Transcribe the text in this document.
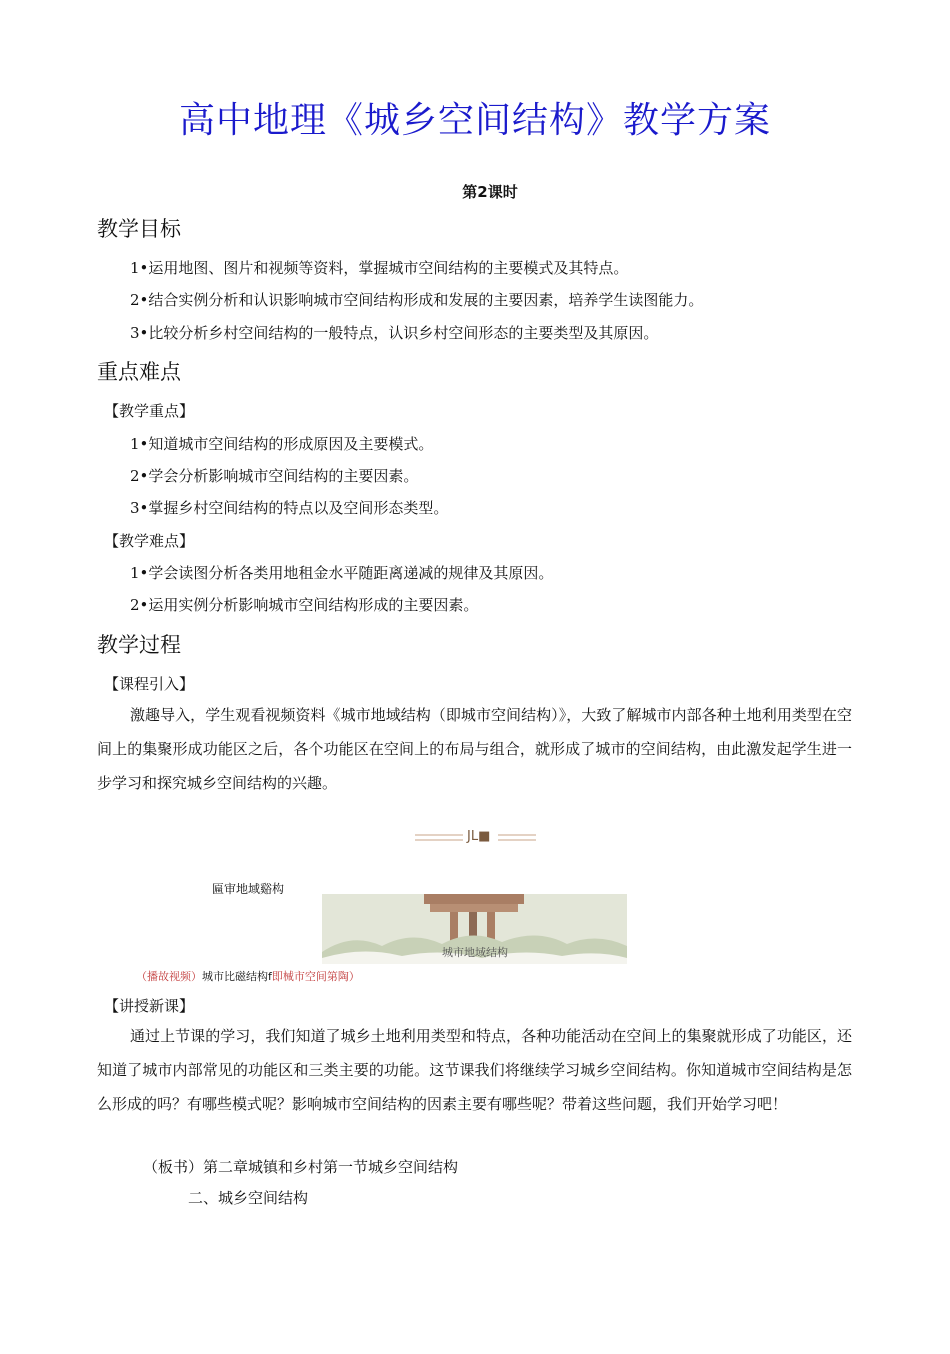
高中地理《城乡空间结构》教学方案
第2课时
教学目标
1•运用地图、图片和视频等资料，掌握城市空间结构的主要模式及其特点。
2•结合实例分析和认识影响城市空间结构形成和发展的主要因素，培养学生读图能力。
3•比较分析乡村空间结构的一般特点，认识乡村空间形态的主要类型及其原因。
重点难点
【教学重点】
1•知道城市空间结构的形成原因及主要模式。
2•学会分析影响城市空间结构的主要因素。
3•掌握乡村空间结构的特点以及空间形态类型。
【教学难点】
1•学会读图分析各类用地租金水平随距离递减的规律及其原因。
2•运用实例分析影响城市空间结构形成的主要因素。
教学过程
【课程引入】
激趣导入，学生观看视频资料《城市地域结构（即城市空间结构）》，大致了解城市内部各种土地利用类型在空间上的集聚形成功能区之后，各个功能区在空间上的布局与组合，就形成了城市的空间结构，由此激发起学生进一步学习和探究城乡空间结构的兴趣。
JL■
匾审地域谿构
城市地域结构
（播故视频）城市比磁结构f即械市空间第陶）
【讲授新课】
通过上节课的学习，我们知道了城乡土地利用类型和特点，各种功能活动在空间上的集聚就形成了功能区，还知道了城市内部常见的功能区和三类主要的功能。这节课我们将继续学习城乡空间结构。你知道城市空间结构是怎么形成的吗？有哪些模式呢？影响城市空间结构的因素主要有哪些呢？带着这些问题，我们开始学习吧！
（板书）第二章城镇和乡村第一节城乡空间结构
二、城乡空间结构
